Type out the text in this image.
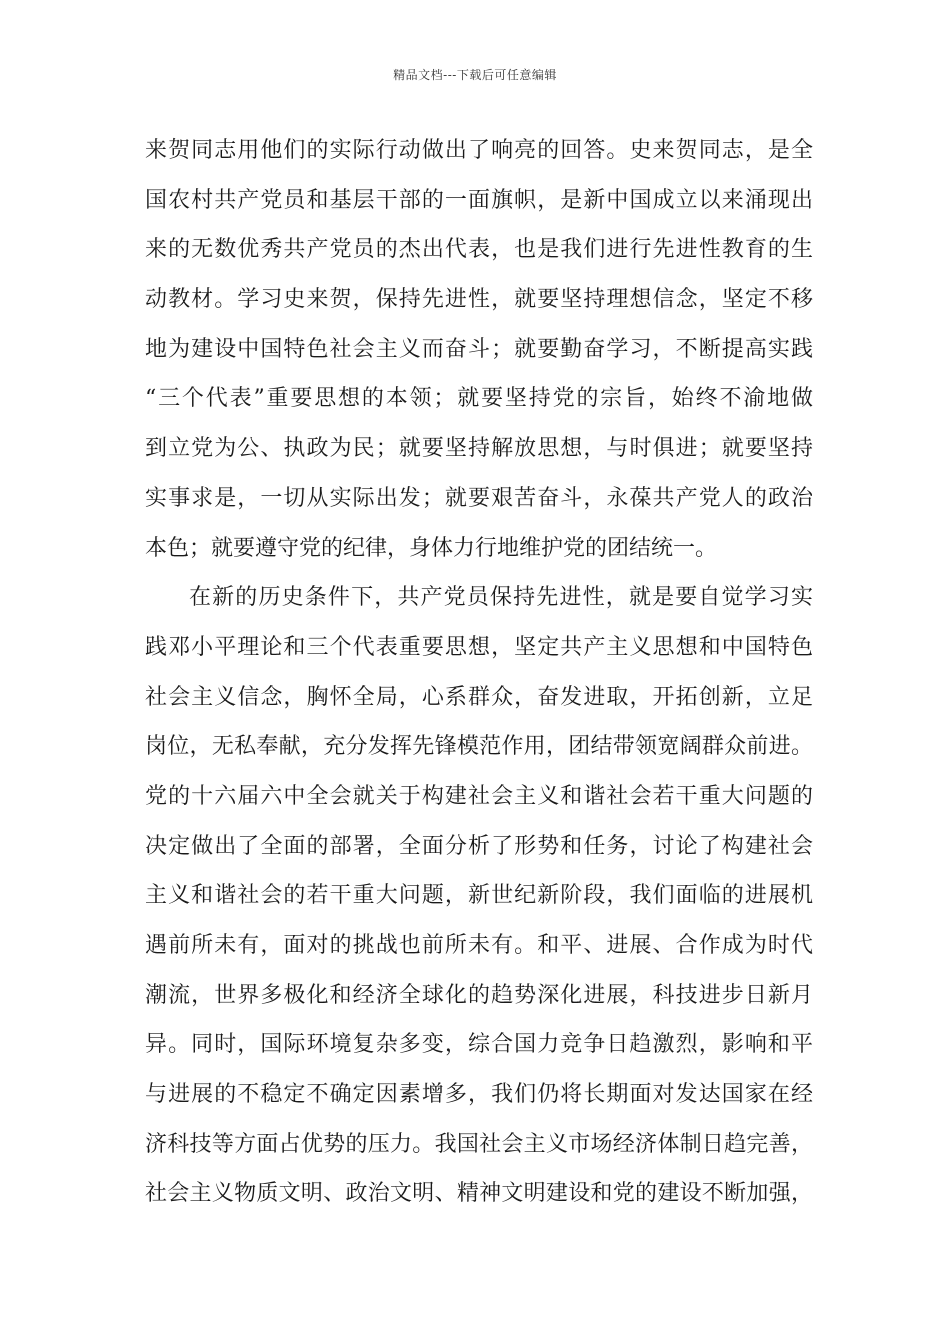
精品文档---下载后可任意编辑
来贺同志用他们的实际行动做出了响亮的回答。史来贺同志，是全
国农村共产党员和基层干部的一面旗帜，是新中国成立以来涌现出
来的无数优秀共产党员的杰出代表，也是我们进行先进性教育的生
动教材。学习史来贺，保持先进性，就要坚持理想信念，坚定不移
地为建设中国特色社会主义而奋斗；就要勤奋学习，不断提高实践
“三个代表”重要思想的本领；就要坚持党的宗旨，始终不渝地做
到立党为公、执政为民；就要坚持解放思想，与时俱进；就要坚持
实事求是，一切从实际出发；就要艰苦奋斗，永葆共产党人的政治
本色；就要遵守党的纪律，身体力行地维护党的团结统一。
在新的历史条件下，共产党员保持先进性，就是要自觉学习实
践邓小平理论和三个代表重要思想，坚定共产主义思想和中国特色
社会主义信念，胸怀全局，心系群众，奋发进取，开拓创新，立足
岗位，无私奉献，充分发挥先锋模范作用，团结带领宽阔群众前进。
党的十六届六中全会就关于构建社会主义和谐社会若干重大问题的
决定做出了全面的部署，全面分析了形势和任务，讨论了构建社会
主义和谐社会的若干重大问题，新世纪新阶段，我们面临的进展机
遇前所未有，面对的挑战也前所未有。和平、进展、合作成为时代
潮流，世界多极化和经济全球化的趋势深化进展，科技进步日新月
异。同时，国际环境复杂多变，综合国力竞争日趋激烈，影响和平
与进展的不稳定不确定因素增多，我们仍将长期面对发达国家在经
济科技等方面占优势的压力。我国社会主义市场经济体制日趋完善，
社会主义物质文明、政治文明、精神文明建设和党的建设不断加强，
